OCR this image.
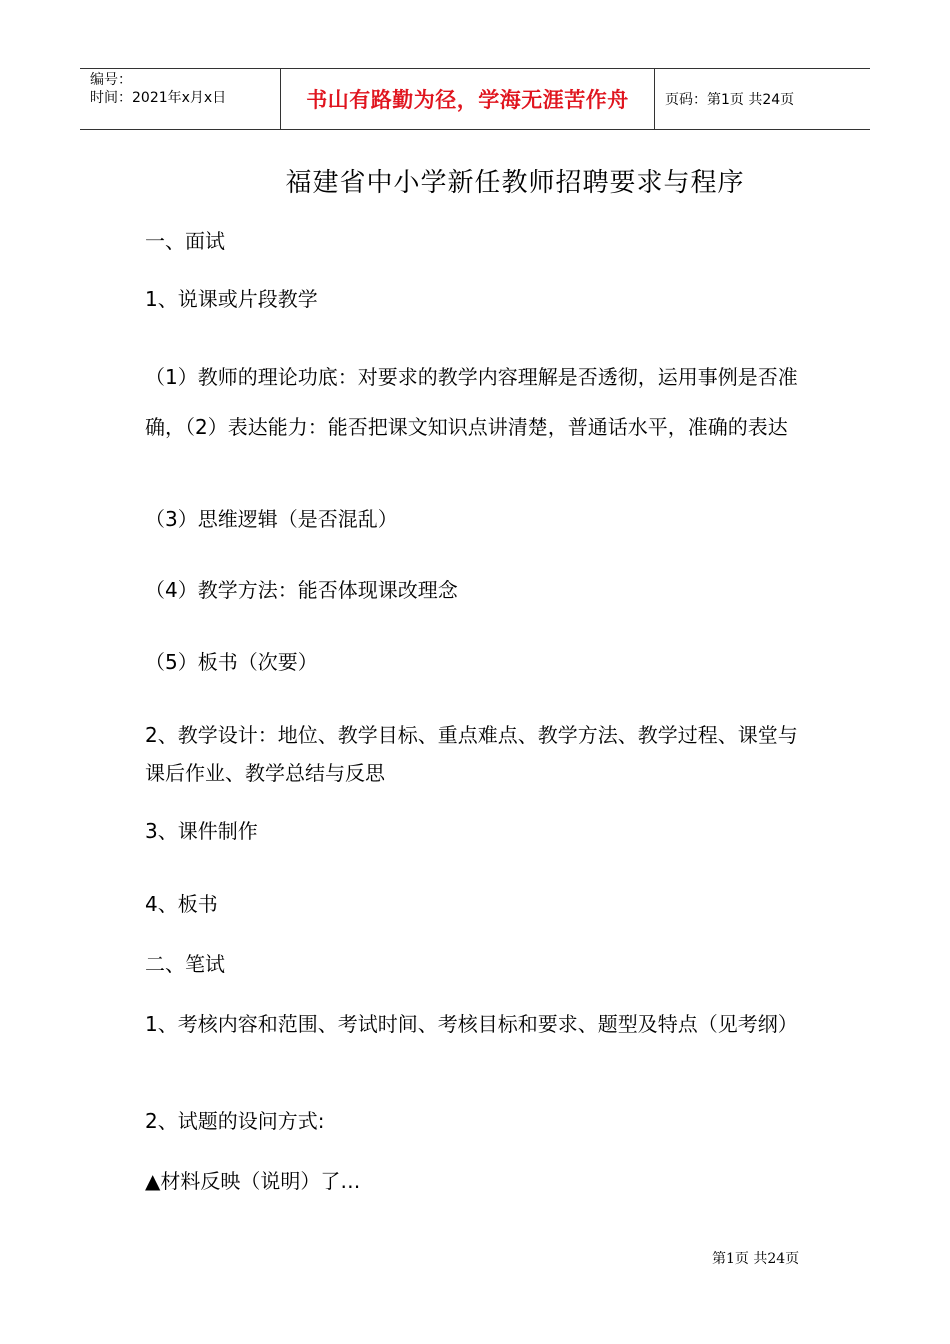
编号：
时间：2021年x月x日	书山有路勤为径，学海无涯苦作舟	页码：第1页 共24页
福建省中小学新任教师招聘要求与程序
一、面试
1、说课或片段教学
（1）教师的理论功底：对要求的教学内容理解是否透彻，运用事例是否准确，（2）表达能力：能否把课文知识点讲清楚，普通话水平，准确的表达
（3）思维逻辑（是否混乱）
（4）教学方法：能否体现课改理念
（5）板书（次要）
2、教学设计：地位、教学目标、重点难点、教学方法、教学过程、课堂与课后作业、教学总结与反思
3、课件制作
4、板书
二、笔试
1、考核内容和范围、考试时间、考核目标和要求、题型及特点（见考纲）
2、试题的设问方式:
▲材料反映（说明）了…
第1页 共24页
